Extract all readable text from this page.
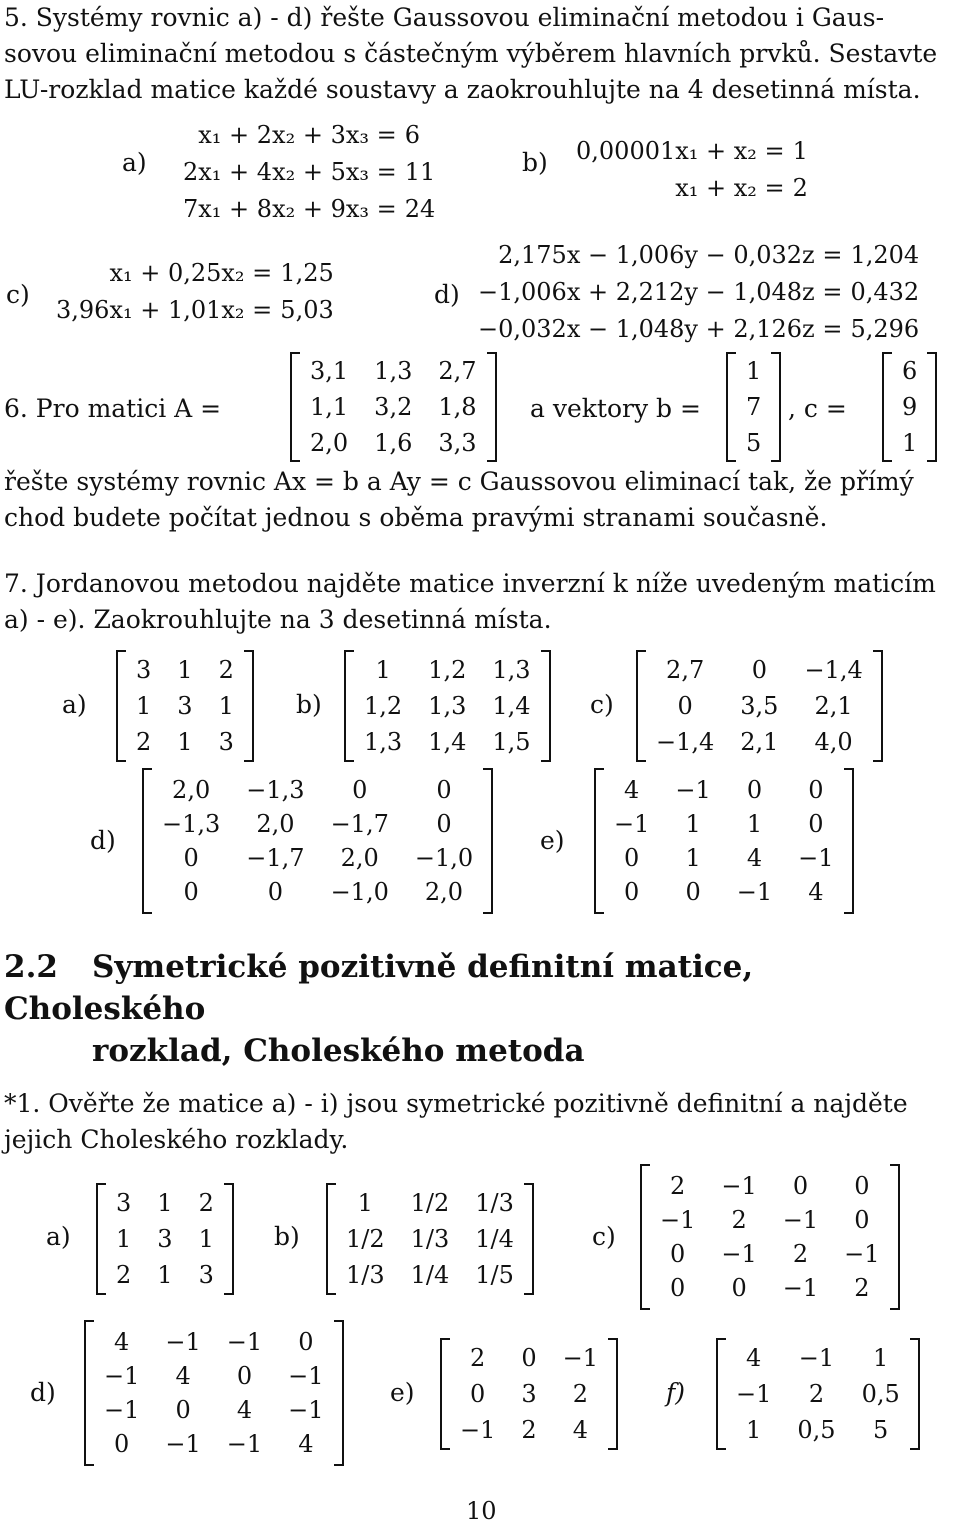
5. Systémy rovnic a) - d) řešte Gaussovou eliminační metodou i Gaus-
sovou eliminační metodou s částečným výběrem hlavních prvků. Sestavte
LU-rozklad matice každé soustavy a zaokrouhlujte na 4 desetinná místa.
a)
x₁ + 2x₂ + 3x₃ = 6
2x₁ + 4x₂ + 5x₃ = 11
7x₁ + 8x₂ + 9x₃ = 24
b) 0,00001x₁ + x₂ = 1
x₁ + x₂ = 2
c)
x₁ + 0,25x₂ = 1,25
3,96x₁ + 1,01x₂ = 5,03
d)
2,175x − 1,006y − 0,032z = 1,204
−1,006x + 2,212y − 1,048z = 0,432
−0,032x − 1,048y + 2,126z = 5,296
6. Pro matici A =
3,1 1,3 2,7
1,1 3,2 1,8
2,0 1,6 3,3
a vektory b =
1
7
5
, c =
6
9
1
řešte systémy rovnic Ax = b a Ay = c Gaussovou eliminací tak, že přímý
chod budete počítat jednou s oběma pravými stranami současně.
7. Jordanovou metodou najděte matice inverzní k níže uvedeným maticím
a) - e). Zaokrouhlujte na 3 desetinná místa.
a)
3 1 2
1 3 1
2 1 3
b)
1	1,2 1,3
1,2 1,3 1,4
1,3 1,4 1,5
c)
2,7	0	−1,4
0	3,5	2,1
−1,4 2,1	4,0
d)
2,0	−1,3	0	0
−1,3	2,0	−1,7	0
0	−1,7	2,0	−1,0
0	0	−1,0	2,0
e)
4	−1	0	0
−1	1	1	0
0	1	4	−1
0	0	−1	4
2.2 Symetrické pozitivně definitní matice, Choleského
rozklad, Choleského metoda
*1. Ověřte že matice a) - i) jsou symetrické pozitivně definitní a najděte
jejich Choleského rozklady.
a)
3 1 2
1 3 1
2 1 3
b)
1	1/2 1/3
1/2 1/3 1/4
1/3 1/4 1/5
c)
2	−1	0	0
−1	2	−1	0
0	−1	2	−1
0	0	−1	2
d)
4	−1 −1	0
−1	4	0	−1
−1	0	4	−1
0	−1 −1	4
e)
2	0 −1
0	3	2
−1 2	4
f)
4	−1	1
−1	2	0,5
1	0,5	5
10
